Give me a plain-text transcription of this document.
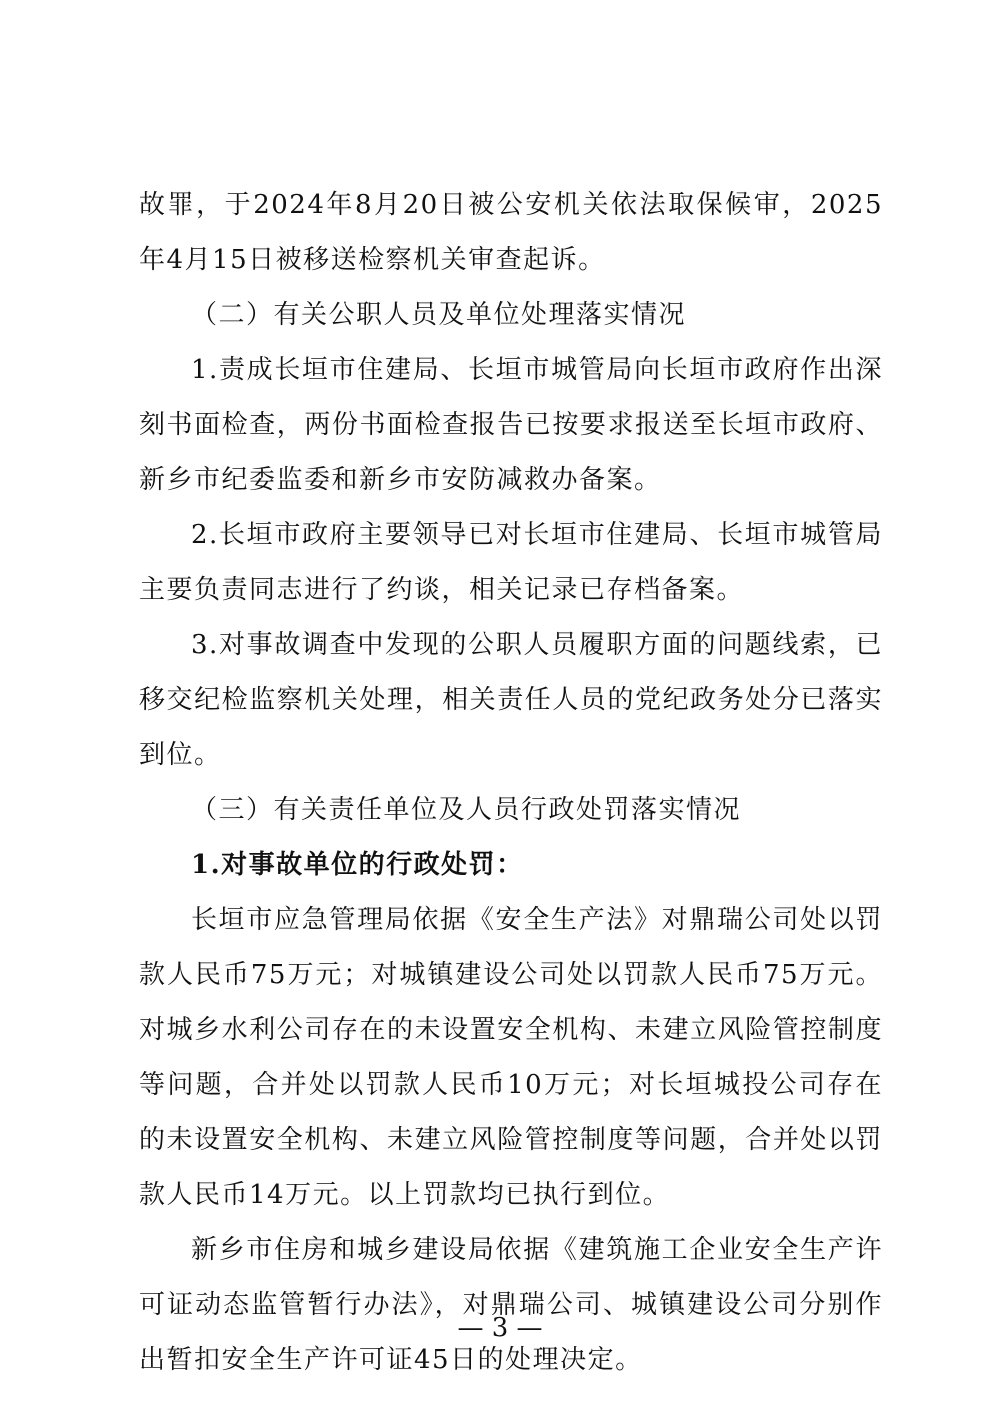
故罪，于2024年8月20日被公安机关依法取保候审，2025年4月15日被移送检察机关审查起诉。

（二）有关公职人员及单位处理落实情况

1.责成长垣市住建局、长垣市城管局向长垣市政府作出深刻书面检查，两份书面检查报告已按要求报送至长垣市政府、新乡市纪委监委和新乡市安防减救办备案。

2.长垣市政府主要领导已对长垣市住建局、长垣市城管局主要负责同志进行了约谈，相关记录已存档备案。

3.对事故调查中发现的公职人员履职方面的问题线索，已移交纪检监察机关处理，相关责任人员的党纪政务处分已落实到位。

（三）有关责任单位及人员行政处罚落实情况

1.对事故单位的行政处罚：

长垣市应急管理局依据《安全生产法》对鼎瑞公司处以罚款人民币75万元；对城镇建设公司处以罚款人民币75万元。对城乡水利公司存在的未设置安全机构、未建立风险管控制度等问题，合并处以罚款人民币10万元；对长垣城投公司存在的未设置安全机构、未建立风险管控制度等问题，合并处以罚款人民币14万元。以上罚款均已执行到位。

新乡市住房和城乡建设局依据《建筑施工企业安全生产许可证动态监管暂行办法》，对鼎瑞公司、城镇建设公司分别作出暂扣安全生产许可证45日的处理决定。

— 3 —
